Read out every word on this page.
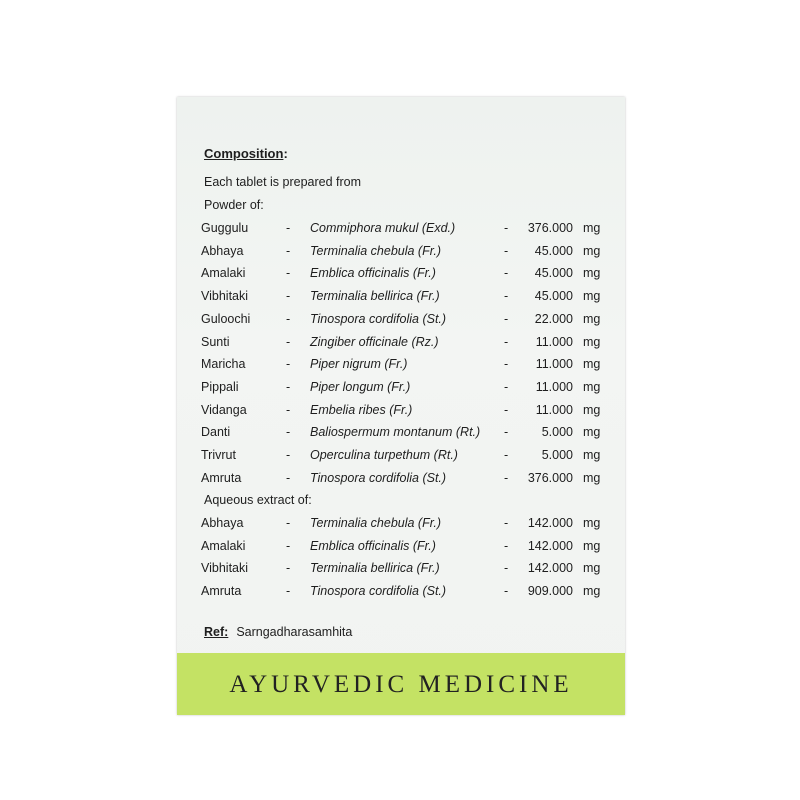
Composition:
Each tablet is prepared from
Powder of:
Guggulu	- Commiphora mukul (Exd.)	- 376.000 mg
Abhaya	- Terminalia chebula (Fr.)	- 45.000 mg
Amalaki	- Emblica officinalis (Fr.)	- 45.000 mg
Vibhitaki	- Terminalia bellirica (Fr.)	- 45.000 mg
Guloochi	- Tinospora cordifolia (St.)	- 22.000 mg
Sunti	- Zingiber officinale (Rz.)	- 11.000 mg
Maricha	- Piper nigrum (Fr.)	- 11.000 mg
Pippali	- Piper longum (Fr.)	- 11.000 mg
Vidanga	- Embelia ribes (Fr.)	- 11.000 mg
Danti	- Baliospermum montanum (Rt.) -	5.000 mg
Trivrut	- Operculina turpethum (Rt.)	-	5.000 mg
Amruta	- Tinospora cordifolia (St.)	- 376.000 mg
Aqueous extract of:
Abhaya	- Terminalia chebula (Fr.)	- 142.000 mg
Amalaki	- Emblica officinalis (Fr.)	- 142.000 mg
Vibhitaki	- Terminalia bellirica (Fr.)	- 142.000 mg
Amruta	- Tinospora cordifolia (St.)	- 909.000 mg
Ref: Sarngadharasamhita
AYURVEDIC MEDICINE
